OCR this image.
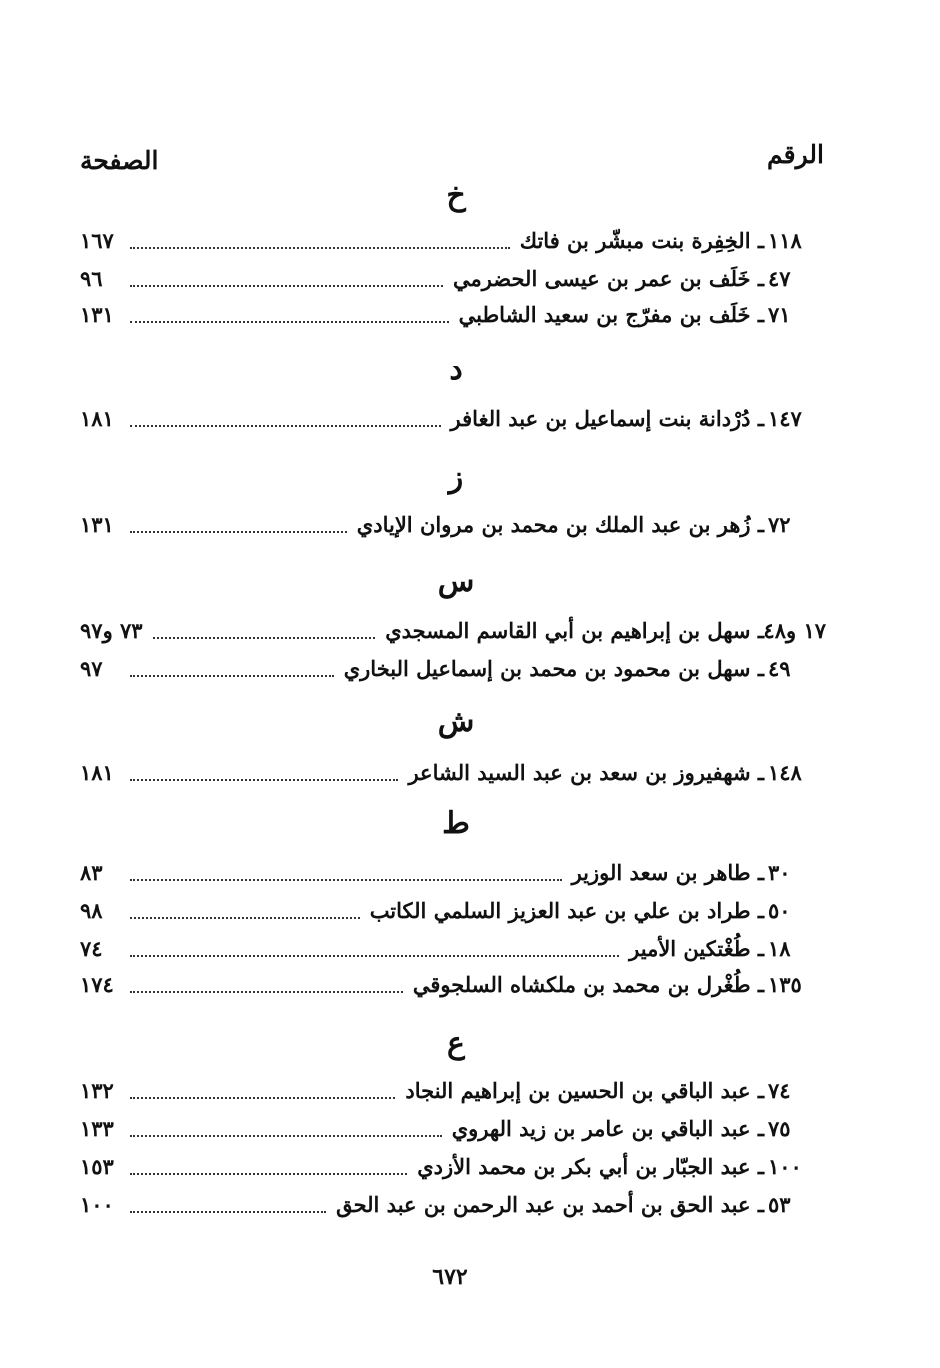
الرقم
الصفحة
خ
١١٨
ـ الخِفِرة بنت مبشّر بن فاتك
١٦٧
٤٧
ـ خَلَف بن عمر بن عيسى الحضرمي
٩٦
٧١
ـ خَلَف بن مفرّج بن سعيد الشاطبي
١٣١
د
١٤٧
ـ دُرْدانة بنت إسماعيل بن عبد الغافر
١٨١
ز
٧٢
ـ زُهر بن عبد الملك بن محمد بن مروان الإيادي
١٣١
س
١٧ و٤٨
ـ سهل بن إبراهيم بن أبي القاسم المسجدي
٧٣ و٩٧
٤٩
ـ سهل بن محمود بن محمد بن إسماعيل البخاري
٩٧
ش
١٤٨
ـ شهفيروز بن سعد بن عبد السيد الشاعر
١٨١
ط
٣٠
ـ طاهر بن سعد الوزير
٨٣
٥٠
ـ طراد بن علي بن عبد العزيز السلمي الكاتب
٩٨
١٨
ـ طُغْتكين الأمير
٧٤
١٣٥
ـ طُغْرل بن محمد بن ملكشاه السلجوقي
١٧٤
ع
٧٤
ـ عبد الباقي بن الحسين بن إبراهيم النجاد
١٣٢
٧٥
ـ عبد الباقي بن عامر بن زيد الهروي
١٣٣
١٠٠
ـ عبد الجبّار بن أبي بكر بن محمد الأزدي
١٥٣
٥٣
ـ عبد الحق بن أحمد بن عبد الرحمن بن عبد الحق
١٠٠
٦٧٢
